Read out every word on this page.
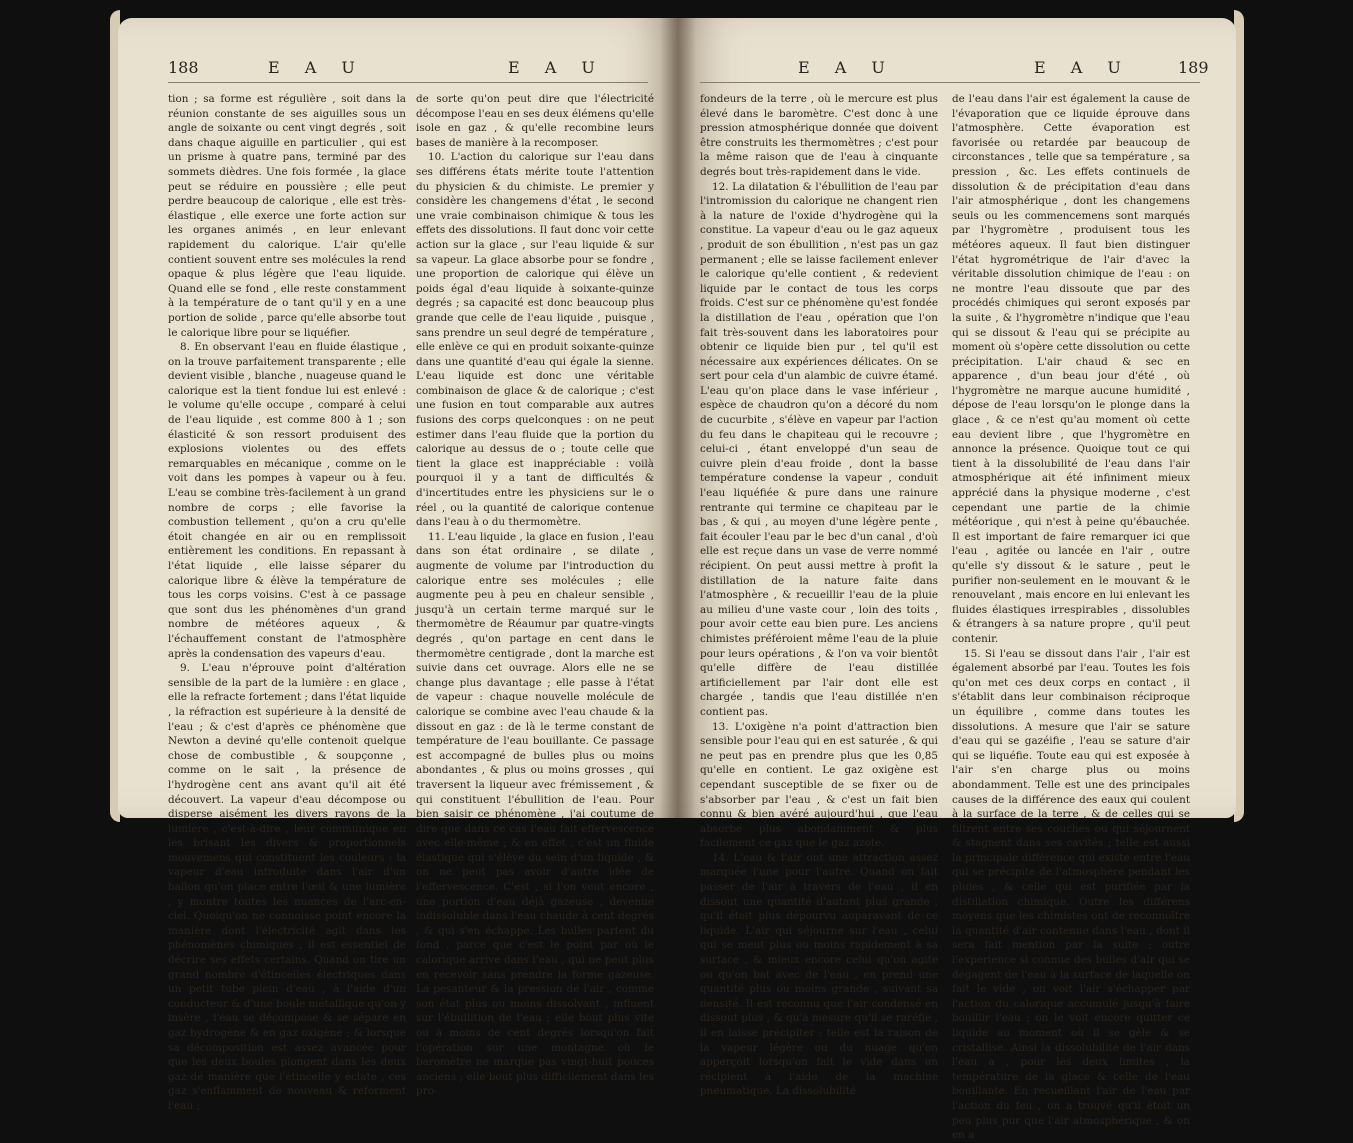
188	E A U	E A U

tion ; sa forme est régulière , soit dans la réunion constante de ses aiguilles sous un angle de soixante ou cent vingt degrés , soit dans chaque aiguille en particulier , qui est un prisme à quatre pans, terminé par des sommets dièdres. Une fois formée , la glace peut se réduire en poussière ; elle peut perdre beaucoup de calorique , elle est très-élastique , elle exerce une forte action sur les organes animés , en leur enlevant rapidement du calorique. L'air qu'elle contient souvent entre ses molécules la rend opaque & plus légère que l'eau liquide. Quand elle se fond , elle reste constamment à la température de o tant qu'il y en a une portion de solide , parce qu'elle absorbe tout le calorique libre pour se liquéfier.

8. En observant l'eau en fluide élastique , on la trouve parfaitement transparente ; elle devient visible , blanche , nuageuse quand le calorique est la tient fondue lui est enlevé : le volume qu'elle occupe , comparé à celui de l'eau liquide , est comme 800 à 1 ; son élasticité & son ressort produisent des explosions violentes ou des effets remarquables en mécanique , comme on le voit dans les pompes à vapeur ou à feu. L'eau se combine très-facilement à un grand nombre de corps ; elle favorise la combustion tellement , qu'on a cru qu'elle étoit changée en air ou en remplissoit entièrement les conditions. En repassant à l'état liquide , elle laisse séparer du calorique libre & élève la température de tous les corps voisins. C'est à ce passage que sont dus les phénomènes d'un grand nombre de météores aqueux , & l'échauffement constant de l'atmosphère après la condensation des vapeurs d'eau.

9. L'eau n'éprouve point d'altération sensible de la part de la lumière : en glace , elle la refracte fortement ; dans l'état liquide , la réfraction est supérieure à la densité de l'eau ; & c'est d'après ce phénomène que Newton a deviné qu'elle contenoit quelque chose de combustible , & soupçonne , comme on le sait , la présence de l'hydrogène cent ans avant qu'il ait été découvert. La vapeur d'eau décompose ou disperse aisément les divers rayons de la lumière , c'est-à-dire , leur communique en les brisant les divers & proportionnels mouvemens qui constituent les couleurs : la vapeur d'eau introduite dans l'air d'un ballon qu'on place entre l'œil & une lumière , y montre toutes les nuances de l'arc-en-ciel. Quoiqu'on ne connoisse point encore la manière dont l'électricité agit dans les phénomènes chimiques , il est essentiel de décrire ses effets certains. Quand on tire un grand nombre d'étincelles électriques dans un petit tube plein d'eau , à l'aide d'un conducteur & d'une boule métallique qu'on y insère , l'eau se décompose & se sépare en gaz hydrogène & en gaz oxigène ; & lorsque sa décomposition est assez avancée pour que les deux boules plongent dans les deux gaz de manière que l'étincelle y éclate , ces gaz s'enflamment de nouveau & reforment l'eau ;

de sorte qu'on peut dire que l'électricité décompose l'eau en ses deux élémens qu'elle isole en gaz , & qu'elle recombine leurs bases de manière à la recomposer.

10. L'action du calorique sur l'eau dans ses différens états mérite toute l'attention du physicien & du chimiste. Le premier y considère les changemens d'état , le second une vraie combinaison chimique & tous les effets des dissolutions. Il faut donc voir cette action sur la glace , sur l'eau liquide & sur sa vapeur. La glace absorbe pour se fondre , une proportion de calorique qui élève un poids égal d'eau liquide à soixante-quinze degrés ; sa capacité est donc beaucoup plus grande que celle de l'eau liquide , puisque , sans prendre un seul degré de température , elle enlève ce qui en produit soixante-quinze dans une quantité d'eau qui égale la sienne. L'eau liquide est donc une véritable combinaison de glace & de calorique ; c'est une fusion en tout comparable aux autres fusions des corps quelconques : on ne peut estimer dans l'eau fluide que la portion du calorique au dessus de o ; toute celle que tient la glace est inappréciable : voilà pourquoi il y a tant de difficultés & d'incertitudes entre les physiciens sur le o réel , ou la quantité de calorique contenue dans l'eau à o du thermomètre.

11. L'eau liquide , la glace en fusion , l'eau dans son état ordinaire , se dilate , augmente de volume par l'introduction du calorique entre ses molécules ; elle augmente peu à peu en chaleur sensible , jusqu'à un certain terme marqué sur le thermomètre de Réaumur par quatre-vingts degrés , qu'on partage en cent dans le thermomètre centigrade , dont la marche est suivie dans cet ouvrage. Alors elle ne se change plus davantage ; elle passe à l'état de vapeur : chaque nouvelle molécule de calorique se combine avec l'eau chaude & la dissout en gaz : de là le terme constant de température de l'eau bouillante. Ce passage est accompagné de bulles plus ou moins abondantes , & plus ou moins grosses , qui traversent la liqueur avec frémissement , & qui constituent l'ébullition de l'eau. Pour bien saisir ce phénomène , j'ai coutume de dire que dans ce cas l'eau fait effervescence avec elle-même ; & en effet , c'est un fluide élastique qui s'élève du sein d'un liquide , & on ne peut pas avoir d'autre idée de l'effervescence. C'est , si l'on veut encore , une portion d'eau déjà gazeuse , devenue indissoluble dans l'eau chaude à cent degrés , & qui s'en échappe. Les bulles partent du fond , parce que c'est le point par où le calorique arrive dans l'eau , qui ne peut plus en recevoir sans prendre la forme gazeuse. La pesanteur & la pression de l'air , comme son état plus ou moins dissolvant , influent sur l'ébullition de l'eau ; elle bout plus vite ou à moins de cent degrés lorsqu'on fait l'opération sur une montagne où le baromètre ne marque pas vingt-huit pouces anciens ; elle bout plus difficilement dans les pro-

E A U	E A U	189

fondeurs de la terre , où le mercure est plus élevé dans le baromètre. C'est donc à une pression atmosphérique donnée que doivent être construits les thermomètres ; c'est pour la même raison que de l'eau à cinquante degrés bout très-rapidement dans le vide.

12. La dilatation & l'ébullition de l'eau par l'intromission du calorique ne changent rien à la nature de l'oxide d'hydrogène qui la constitue. La vapeur d'eau ou le gaz aqueux , produit de son ébullition , n'est pas un gaz permanent ; elle se laisse facilement enlever le calorique qu'elle contient , & redevient liquide par le contact de tous les corps froids. C'est sur ce phénomène qu'est fondée la distillation de l'eau , opération que l'on fait très-souvent dans les laboratoires pour obtenir ce liquide bien pur , tel qu'il est nécessaire aux expériences délicates. On se sert pour cela d'un alambic de cuivre étamé. L'eau qu'on place dans le vase inférieur , espèce de chaudron qu'on a décoré du nom de cucurbite , s'élève en vapeur par l'action du feu dans le chapiteau qui le recouvre ; celui-ci , étant enveloppé d'un seau de cuivre plein d'eau froide , dont la basse température condense la vapeur , conduit l'eau liquéfiée & pure dans une rainure rentrante qui termine ce chapiteau par le bas , & qui , au moyen d'une légère pente , fait écouler l'eau par le bec d'un canal , d'où elle est reçue dans un vase de verre nommé récipient. On peut aussi mettre à profit la distillation de la nature faite dans l'atmosphère , & recueillir l'eau de la pluie au milieu d'une vaste cour , loin des toits , pour avoir cette eau bien pure. Les anciens chimistes préféroient même l'eau de la pluie pour leurs opérations , & l'on va voir bientôt qu'elle diffère de l'eau distillée artificiellement par l'air dont elle est chargée , tandis que l'eau distillée n'en contient pas.

13. L'oxigène n'a point d'attraction bien sensible pour l'eau qui en est saturée , & qui ne peut pas en prendre plus que les 0,85 qu'elle en contient. Le gaz oxigène est cependant susceptible de se fixer ou de s'absorber par l'eau , & c'est un fait bien connu & bien avéré aujourd'hui , que l'eau absorbe plus abondamment & plus facilement ce gaz que le gaz azote.

14. L'eau & l'air ont une attraction assez marquée l'une pour l'autre. Quand on fait passer de l'air à travers de l'eau , il en dissout une quantité d'autant plus grande , qu'il étoit plus dépourvu auparavant de ce liquide. L'air qui séjourne sur l'eau , celui qui se meut plus ou moins rapidement à sa surface , & mieux encore celui qu'on agite ou qu'on bat avec de l'eau , en prend une quantité plus ou moins grande , suivant sa densité. Il est reconnu que l'air condensé en dissout plus , & qu'à mesure qu'il se raréfie , il en laisse précipiter : telle est la raison de la vapeur légère ou du nuage qu'on apperçoit lorsqu'on fait le vide dans un récipient à l'aide de la machine pneumatique. La dissolubilité

de l'eau dans l'air est également la cause de l'évaporation que ce liquide éprouve dans l'atmosphère. Cette évaporation est favorisée ou retardée par beaucoup de circonstances , telle que sa température , sa pression , &c. Les effets continuels de dissolution & de précipitation d'eau dans l'air atmosphérique , dont les changemens seuls ou les commencemens sont marqués par l'hygromètre , produisent tous les météores aqueux. Il faut bien distinguer l'état hygrométrique de l'air d'avec la véritable dissolution chimique de l'eau : on ne montre l'eau dissoute que par des procédés chimiques qui seront exposés par la suite , & l'hygromètre n'indique que l'eau qui se dissout & l'eau qui se précipite au moment où s'opère cette dissolution ou cette précipitation. L'air chaud & sec en apparence , d'un beau jour d'été , où l'hygromètre ne marque aucune humidité , dépose de l'eau lorsqu'on le plonge dans la glace , & ce n'est qu'au moment où cette eau devient libre , que l'hygromètre en annonce la présence. Quoique tout ce qui tient à la dissolubilité de l'eau dans l'air atmosphérique ait été infiniment mieux apprécié dans la physique moderne , c'est cependant une partie de la chimie météorique , qui n'est à peine qu'ébauchée. Il est important de faire remarquer ici que l'eau , agitée ou lancée en l'air , outre qu'elle s'y dissout & le sature , peut le purifier non-seulement en le mouvant & le renouvelant , mais encore en lui enlevant les fluides élastiques irrespirables , dissolubles & étrangers à sa nature propre , qu'il peut contenir.

15. Si l'eau se dissout dans l'air , l'air est également absorbé par l'eau. Toutes les fois qu'on met ces deux corps en contact , il s'établit dans leur combinaison réciproque un équilibre , comme dans toutes les dissolutions. A mesure que l'air se sature d'eau qui se gazéifie , l'eau se sature d'air qui se liquéfie. Toute eau qui est exposée à l'air s'en charge plus ou moins abondamment. Telle est une des principales causes de la différence des eaux qui coulent à la surface de la terre , & de celles qui se filtrent entre ses couches ou qui séjournent & stagnent dans ses cavités ; telle est aussi la principale différence qui existe entre l'eau qui se précipite de l'atmosphère pendant les pluies , & celle qui est purifiée par la distillation chimique. Outre les différens moyens que les chimistes ont de reconnoître la quantité d'air contenue dans l'eau , dont il sera fait mention par la suite ; outre l'expérience si connue des bulles d'air qui se dégagent de l'eau à la surface de laquelle on fait le vide , on voit l'air s'échapper par l'action du calorique accumulé jusqu'à faire bouillir l'eau ; on le voit encore quitter ce liquide au moment où il se gèle & se cristallise. Ainsi la dissolubilité de l'air dans l'eau a , pour les deux limites , la température de la glace & celle de l'eau bouillante. En recueillant l'air de l'eau par l'action du feu , on a trouvé qu'il étoit un peu plus pur que l'air atmosphérique , & on en a
